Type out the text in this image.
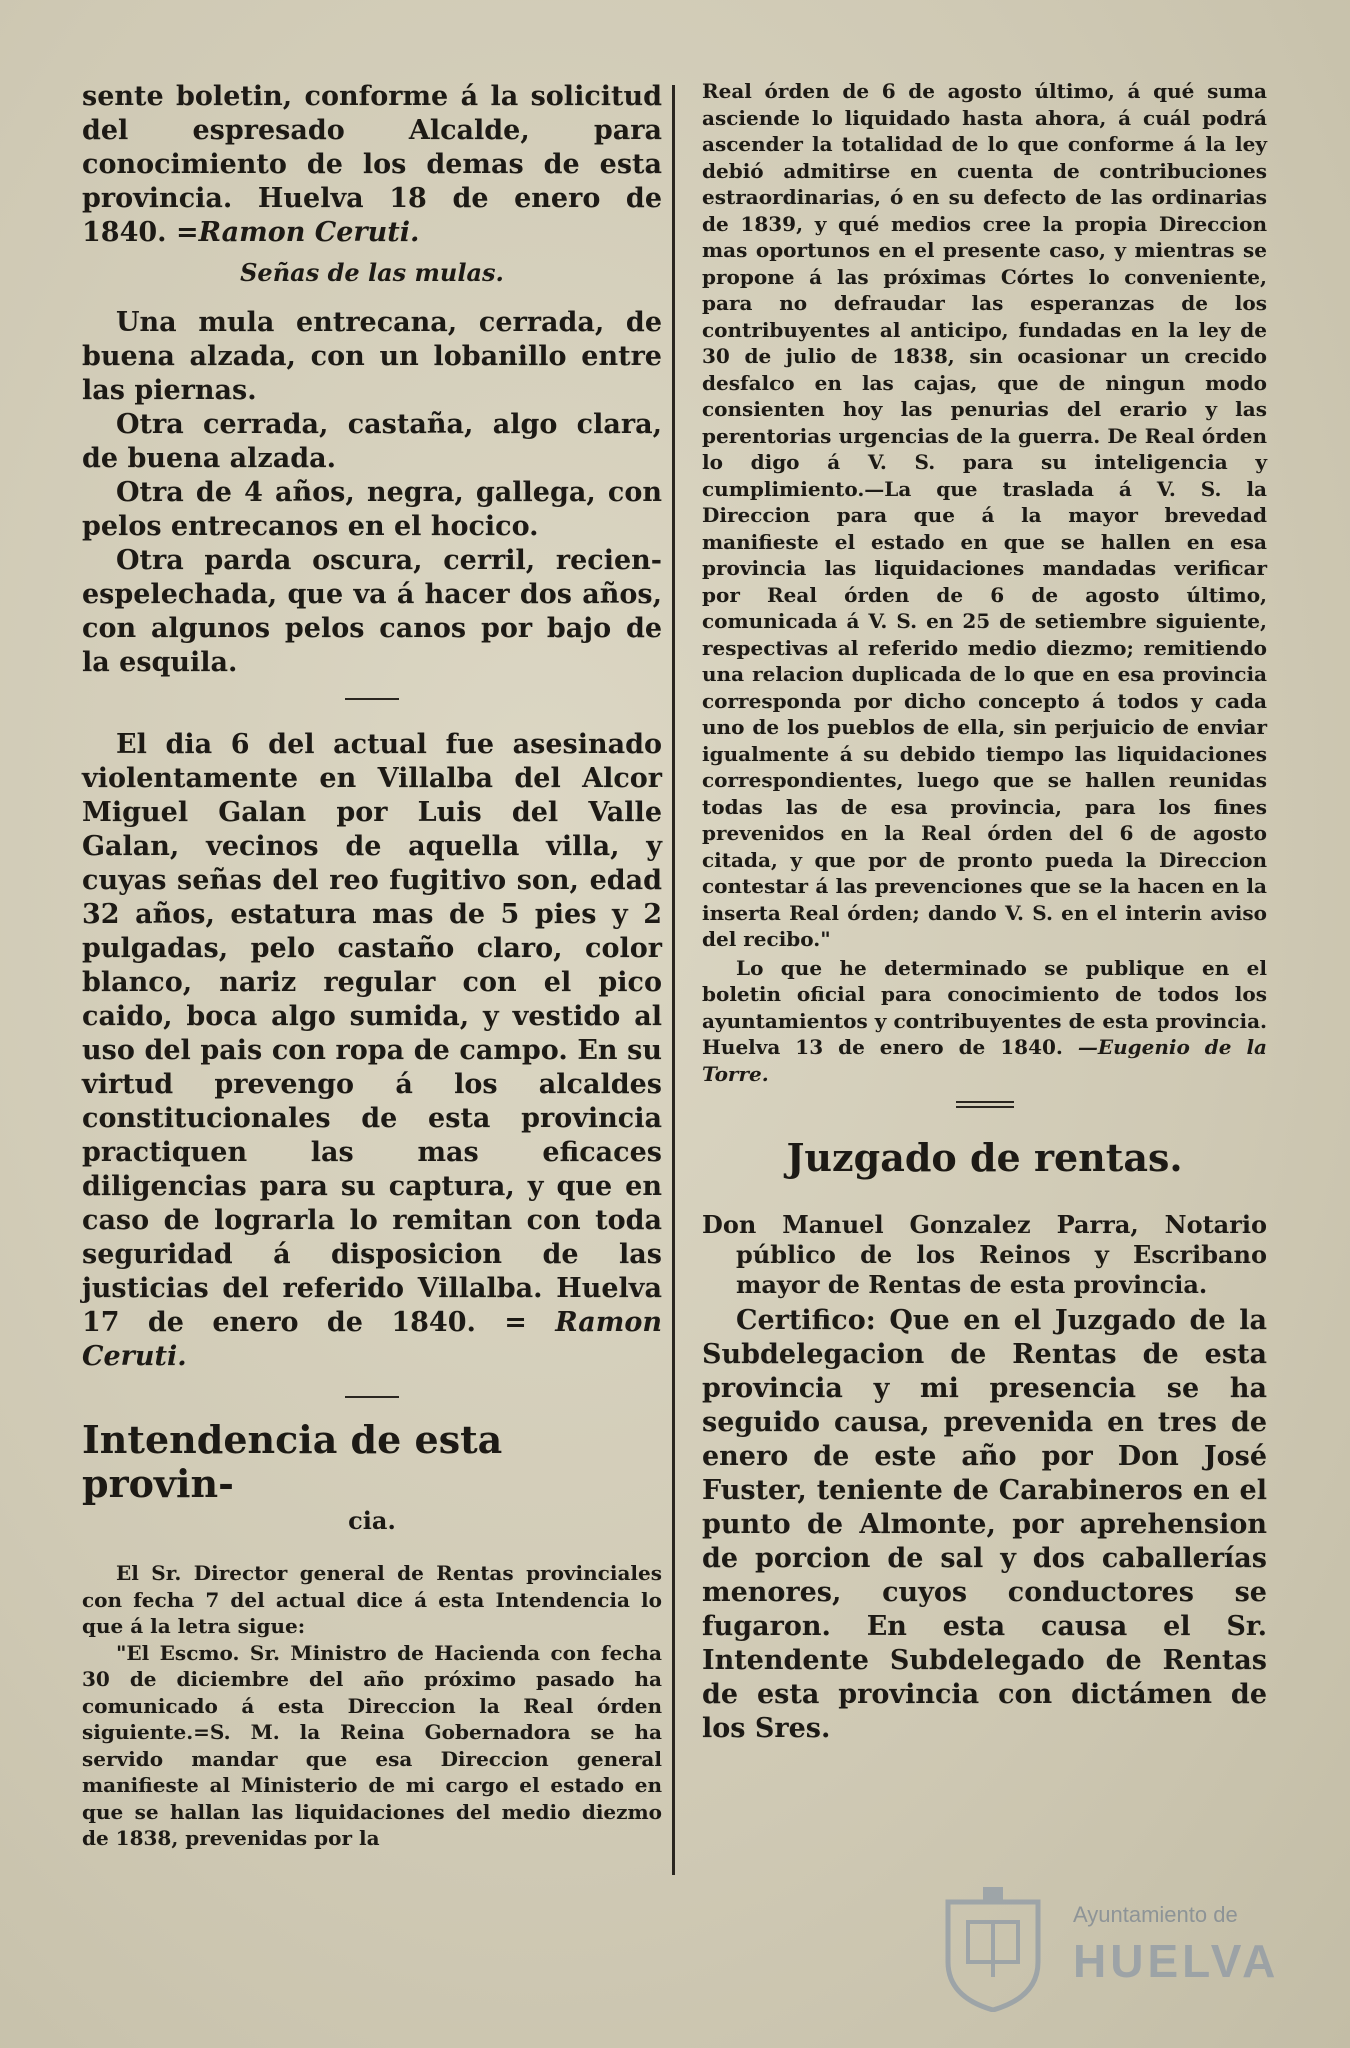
sente boletin, conforme á la solicitud del espresado Alcalde, para conocimiento de los demas de esta provincia. Huelva 18 de enero de 1840. =Ramon Ceruti.

Señas de las mulas.

Una mula entrecana, cerrada, de buena alzada, con un lobanillo entre las piernas.

Otra cerrada, castaña, algo clara, de buena alzada.

Otra de 4 años, negra, gallega, con pelos entrecanos en el hocico.

Otra parda oscura, cerril, recien-espelechada, que va á hacer dos años, con algunos pelos canos por bajo de la esquila.

El dia 6 del actual fue asesinado violentamente en Villalba del Alcor Miguel Galan por Luis del Valle Galan, vecinos de aquella villa, y cuyas señas del reo fugitivo son, edad 32 años, estatura mas de 5 pies y 2 pulgadas, pelo castaño claro, color blanco, nariz regular con el pico caido, boca algo sumida, y vestido al uso del pais con ropa de campo. En su virtud prevengo á los alcaldes constitucionales de esta provincia practiquen las mas eficaces diligencias para su captura, y que en caso de lograrla lo remitan con toda seguridad á disposicion de las justicias del referido Villalba. Huelva 17 de enero de 1840. = Ramon Ceruti.

Intendencia de esta provin-
cia.

El Sr. Director general de Rentas provinciales con fecha 7 del actual dice á esta Intendencia lo que á la letra sigue:

"El Escmo. Sr. Ministro de Hacienda con fecha 30 de diciembre del año próximo pasado ha comunicado á esta Direccion la Real órden siguiente.=S. M. la Reina Gobernadora se ha servido mandar que esa Direccion general manifieste al Ministerio de mi cargo el estado en que se hallan las liquidaciones del medio diezmo de 1838, prevenidas por la

Real órden de 6 de agosto último, á qué suma asciende lo liquidado hasta ahora, á cuál podrá ascender la totalidad de lo que conforme á la ley debió admitirse en cuenta de contribuciones estraordinarias, ó en su defecto de las ordinarias de 1839, y qué medios cree la propia Direccion mas oportunos en el presente caso, y mientras se propone á las próximas Córtes lo conveniente, para no defraudar las esperanzas de los contribuyentes al anticipo, fundadas en la ley de 30 de julio de 1838, sin ocasionar un crecido desfalco en las cajas, que de ningun modo consienten hoy las penurias del erario y las perentorias urgencias de la guerra. De Real órden lo digo á V. S. para su inteligencia y cumplimiento.—La que traslada á V. S. la Direccion para que á la mayor brevedad manifieste el estado en que se hallen en esa provincia las liquidaciones mandadas verificar por Real órden de 6 de agosto último, comunicada á V. S. en 25 de setiembre siguiente, respectivas al referido medio diezmo; remitiendo una relacion duplicada de lo que en esa provincia corresponda por dicho concepto á todos y cada uno de los pueblos de ella, sin perjuicio de enviar igualmente á su debido tiempo las liquidaciones correspondientes, luego que se hallen reunidas todas las de esa provincia, para los fines prevenidos en la Real órden del 6 de agosto citada, y que por de pronto pueda la Direccion contestar á las prevenciones que se la hacen en la inserta Real órden; dando V. S. en el interin aviso del recibo."

Lo que he determinado se publique en el boletin oficial para conocimiento de todos los ayuntamientos y contribuyentes de esta provincia. Huelva 13 de enero de 1840. —Eugenio de la Torre.

Juzgado de rentas.

Don Manuel Gonzalez Parra, Notario público de los Reinos y Escribano mayor de Rentas de esta provincia.

Certifico: Que en el Juzgado de la Subdelegacion de Rentas de esta provincia y mi presencia se ha seguido causa, prevenida en tres de enero de este año por Don José Fuster, teniente de Carabineros en el punto de Almonte, por aprehension de porcion de sal y dos caballerías menores, cuyos conductores se fugaron. En esta causa el Sr. Intendente Subdelegado de Rentas de esta provincia con dictámen de los Sres.

Ayuntamiento de
HUELVA
